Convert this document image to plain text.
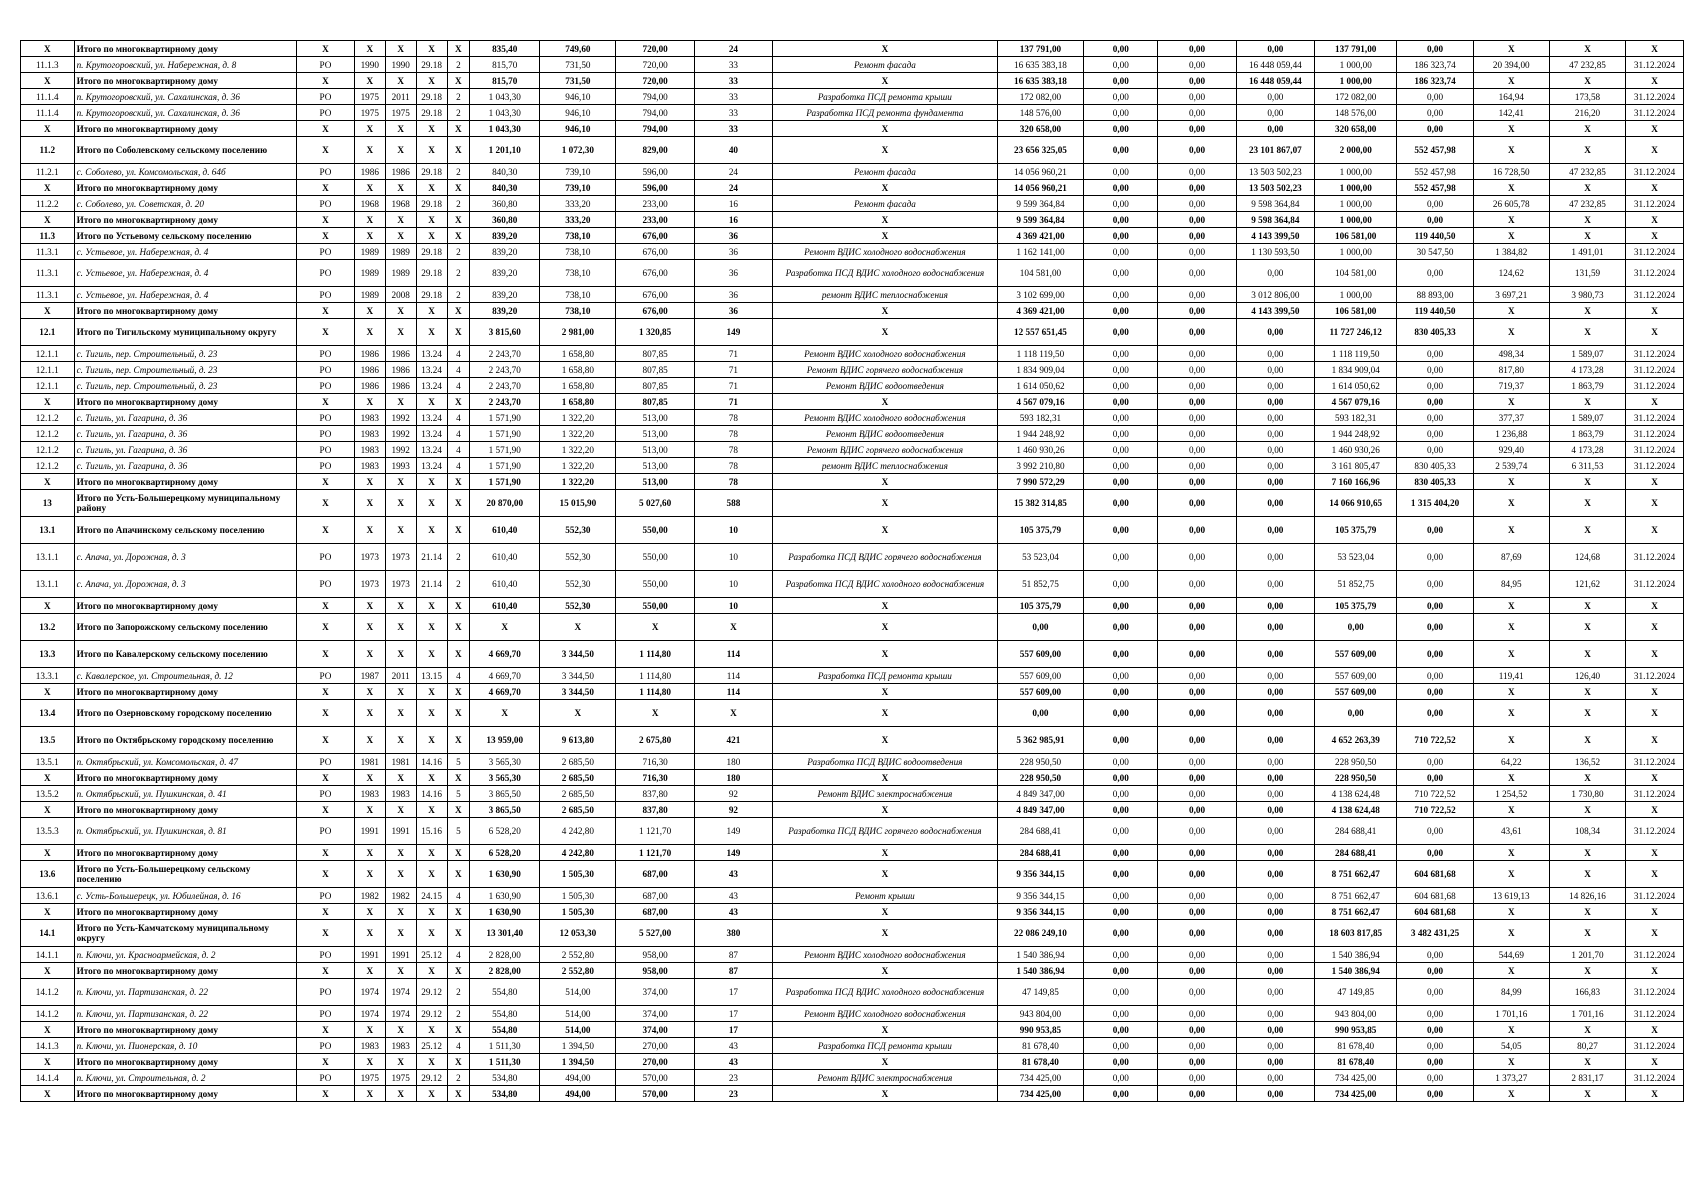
X	Итого по многоквартирному дому	X	X	X	X	X	835,40	749,60	720,00	24	X	137 791,00	0,00	0,00	0,00	137 791,00	0,00	X	X	X
11.1.3	п. Крутогоровский, ул. Набережная, д. 8	РО	1990	1990	29.18	2	815,70	731,50	720,00	33	Ремонт фасада	16 635 383,18	0,00	0,00	16 448 059,44	1 000,00	186 323,74	20 394,00	47 232,85	31.12.2024
X	Итого по многоквартирному дому	X	X	X	X	X	815,70	731,50	720,00	33	X	16 635 383,18	0,00	0,00	16 448 059,44	1 000,00	186 323,74	X	X	X
11.1.4	п. Крутогоровский, ул. Сахалинская, д. 36	РО	1975	2011	29.18	2	1 043,30	946,10	794,00	33	Разработка ПСД ремонта крыши	172 082,00	0,00	0,00	0,00	172 082,00	0,00	164,94	173,58	31.12.2024
11.1.4	п. Крутогоровский, ул. Сахалинская, д. 36	РО	1975	1975	29.18	2	1 043,30	946,10	794,00	33	Разработка ПСД ремонта фундамента	148 576,00	0,00	0,00	0,00	148 576,00	0,00	142,41	216,20	31.12.2024
X	Итого по многоквартирному дому	X	X	X	X	X	1 043,30	946,10	794,00	33	X	320 658,00	0,00	0,00	0,00	320 658,00	0,00	X	X	X
11.2	Итого по Соболевскому сельскому поселению	X	X	X	X	X	1 201,10	1 072,30	829,00	40	X	23 656 325,05	0,00	0,00	23 101 867,07	2 000,00	552 457,98	X	X	X
11.2.1	с. Соболево, ул. Комсомольская, д. 64б	РО	1986	1986	29.18	2	840,30	739,10	596,00	24	Ремонт фасада	14 056 960,21	0,00	0,00	13 503 502,23	1 000,00	552 457,98	16 728,50	47 232,85	31.12.2024
X	Итого по многоквартирному дому	X	X	X	X	X	840,30	739,10	596,00	24	X	14 056 960,21	0,00	0,00	13 503 502,23	1 000,00	552 457,98	X	X	X
11.2.2	с. Соболево, ул. Советская, д. 20	РО	1968	1968	29.18	2	360,80	333,20	233,00	16	Ремонт фасада	9 599 364,84	0,00	0,00	9 598 364,84	1 000,00	0,00	26 605,78	47 232,85	31.12.2024
X	Итого по многоквартирному дому	X	X	X	X	X	360,80	333,20	233,00	16	X	9 599 364,84	0,00	0,00	9 598 364,84	1 000,00	0,00	X	X	X
11.3	Итого по Устьевому сельскому поселению	X	X	X	X	X	839,20	738,10	676,00	36	X	4 369 421,00	0,00	0,00	4 143 399,50	106 581,00	119 440,50	X	X	X
11.3.1	с. Устьевое, ул. Набережная, д. 4	РО	1989	1989	29.18	2	839,20	738,10	676,00	36	Ремонт ВДИС холодного водоснабжения	1 162 141,00	0,00	0,00	1 130 593,50	1 000,00	30 547,50	1 384,82	1 491,01	31.12.2024
11.3.1	с. Устьевое, ул. Набережная, д. 4	РО	1989	1989	29.18	2	839,20	738,10	676,00	36	Разработка ПСД ВДИС холодного водоснабжения	104 581,00	0,00	0,00	0,00	104 581,00	0,00	124,62	131,59	31.12.2024
11.3.1	с. Устьевое, ул. Набережная, д. 4	РО	1989	2008	29.18	2	839,20	738,10	676,00	36	ремонт ВДИС теплоснабжения	3 102 699,00	0,00	0,00	3 012 806,00	1 000,00	88 893,00	3 697,21	3 980,73	31.12.2024
X	Итого по многоквартирному дому	X	X	X	X	X	839,20	738,10	676,00	36	X	4 369 421,00	0,00	0,00	4 143 399,50	106 581,00	119 440,50	X	X	X
12.1	Итого по Тигильскому муниципальному округу	X	X	X	X	X	3 815,60	2 981,00	1 320,85	149	X	12 557 651,45	0,00	0,00	0,00	11 727 246,12	830 405,33	X	X	X
12.1.1	с. Тигиль, пер. Строительный, д. 23	РО	1986	1986	13.24	4	2 243,70	1 658,80	807,85	71	Ремонт ВДИС холодного водоснабжения	1 118 119,50	0,00	0,00	0,00	1 118 119,50	0,00	498,34	1 589,07	31.12.2024
12.1.1	с. Тигиль, пер. Строительный, д. 23	РО	1986	1986	13.24	4	2 243,70	1 658,80	807,85	71	Ремонт ВДИС горячего водоснабжения	1 834 909,04	0,00	0,00	0,00	1 834 909,04	0,00	817,80	4 173,28	31.12.2024
12.1.1	с. Тигиль, пер. Строительный, д. 23	РО	1986	1986	13.24	4	2 243,70	1 658,80	807,85	71	Ремонт ВДИС водоотведения	1 614 050,62	0,00	0,00	0,00	1 614 050,62	0,00	719,37	1 863,79	31.12.2024
X	Итого по многоквартирному дому	X	X	X	X	X	2 243,70	1 658,80	807,85	71	X	4 567 079,16	0,00	0,00	0,00	4 567 079,16	0,00	X	X	X
12.1.2	с. Тигиль, ул. Гагарина, д. 36	РО	1983	1992	13.24	4	1 571,90	1 322,20	513,00	78	Ремонт ВДИС холодного водоснабжения	593 182,31	0,00	0,00	0,00	593 182,31	0,00	377,37	1 589,07	31.12.2024
12.1.2	с. Тигиль, ул. Гагарина, д. 36	РО	1983	1992	13.24	4	1 571,90	1 322,20	513,00	78	Ремонт ВДИС водоотведения	1 944 248,92	0,00	0,00	0,00	1 944 248,92	0,00	1 236,88	1 863,79	31.12.2024
12.1.2	с. Тигиль, ул. Гагарина, д. 36	РО	1983	1992	13.24	4	1 571,90	1 322,20	513,00	78	Ремонт ВДИС горячего водоснабжения	1 460 930,26	0,00	0,00	0,00	1 460 930,26	0,00	929,40	4 173,28	31.12.2024
12.1.2	с. Тигиль, ул. Гагарина, д. 36	РО	1983	1993	13.24	4	1 571,90	1 322,20	513,00	78	ремонт ВДИС теплоснабжения	3 992 210,80	0,00	0,00	0,00	3 161 805,47	830 405,33	2 539,74	6 311,53	31.12.2024
X	Итого по многоквартирному дому	X	X	X	X	X	1 571,90	1 322,20	513,00	78	X	7 990 572,29	0,00	0,00	0,00	7 160 166,96	830 405,33	X	X	X
13	Итого по Усть-Большерецкому муниципальному району	X	X	X	X	X	20 870,00	15 015,90	5 027,60	588	X	15 382 314,85	0,00	0,00	0,00	14 066 910,65	1 315 404,20	X	X	X
13.1	Итого по Апачинскому сельскому поселению	X	X	X	X	X	610,40	552,30	550,00	10	X	105 375,79	0,00	0,00	0,00	105 375,79	0,00	X	X	X
13.1.1	с. Апача, ул. Дорожная, д. 3	РО	1973	1973	21.14	2	610,40	552,30	550,00	10	Разработка ПСД ВДИС горячего водоснабжения	53 523,04	0,00	0,00	0,00	53 523,04	0,00	87,69	124,68	31.12.2024
13.1.1	с. Апача, ул. Дорожная, д. 3	РО	1973	1973	21.14	2	610,40	552,30	550,00	10	Разработка ПСД ВДИС холодного водоснабжения	51 852,75	0,00	0,00	0,00	51 852,75	0,00	84,95	121,62	31.12.2024
X	Итого по многоквартирному дому	X	X	X	X	X	610,40	552,30	550,00	10	X	105 375,79	0,00	0,00	0,00	105 375,79	0,00	X	X	X
13.2	Итого по Запорожскому сельскому поселению	X	X	X	X	X	X	X	X	X	X	0,00	0,00	0,00	0,00	0,00	0,00	X	X	X
13.3	Итого по Кавалерскому сельскому поселению	X	X	X	X	X	4 669,70	3 344,50	1 114,80	114	X	557 609,00	0,00	0,00	0,00	557 609,00	0,00	X	X	X
13.3.1	с. Кавалерское, ул. Строительная, д. 12	РО	1987	2011	13.15	4	4 669,70	3 344,50	1 114,80	114	Разработка ПСД ремонта крыши	557 609,00	0,00	0,00	0,00	557 609,00	0,00	119,41	126,40	31.12.2024
X	Итого по многоквартирному дому	X	X	X	X	X	4 669,70	3 344,50	1 114,80	114	X	557 609,00	0,00	0,00	0,00	557 609,00	0,00	X	X	X
13.4	Итого по Озерновскому городскому поселению	X	X	X	X	X	X	X	X	X	X	0,00	0,00	0,00	0,00	0,00	0,00	X	X	X
13.5	Итого по Октябрьскому городскому поселению	X	X	X	X	X	13 959,00	9 613,80	2 675,80	421	X	5 362 985,91	0,00	0,00	0,00	4 652 263,39	710 722,52	X	X	X
13.5.1	п. Октябрьский, ул. Комсомольская, д. 47	РО	1981	1981	14.16	5	3 565,30	2 685,50	716,30	180	Разработка ПСД ВДИС водоотведения	228 950,50	0,00	0,00	0,00	228 950,50	0,00	64,22	136,52	31.12.2024
X	Итого по многоквартирному дому	X	X	X	X	X	3 565,30	2 685,50	716,30	180	X	228 950,50	0,00	0,00	0,00	228 950,50	0,00	X	X	X
13.5.2	п. Октябрьский, ул. Пушкинская, д. 41	РО	1983	1983	14.16	5	3 865,50	2 685,50	837,80	92	Ремонт ВДИС электроснабжения	4 849 347,00	0,00	0,00	0,00	4 138 624,48	710 722,52	1 254,52	1 730,80	31.12.2024
X	Итого по многоквартирному дому	X	X	X	X	X	3 865,50	2 685,50	837,80	92	X	4 849 347,00	0,00	0,00	0,00	4 138 624,48	710 722,52	X	X	X
13.5.3	п. Октябрьский, ул. Пушкинская, д. 81	РО	1991	1991	15.16	5	6 528,20	4 242,80	1 121,70	149	Разработка ПСД ВДИС горячего водоснабжения	284 688,41	0,00	0,00	0,00	284 688,41	0,00	43,61	108,34	31.12.2024
X	Итого по многоквартирному дому	X	X	X	X	X	6 528,20	4 242,80	1 121,70	149	X	284 688,41	0,00	0,00	0,00	284 688,41	0,00	X	X	X
13.6	Итого по Усть-Большерецкому сельскому поселению	X	X	X	X	X	1 630,90	1 505,30	687,00	43	X	9 356 344,15	0,00	0,00	0,00	8 751 662,47	604 681,68	X	X	X
13.6.1	с. Усть-Большерецк, ул. Юбилейная, д. 16	РО	1982	1982	24.15	4	1 630,90	1 505,30	687,00	43	Ремонт крыши	9 356 344,15	0,00	0,00	0,00	8 751 662,47	604 681,68	13 619,13	14 826,16	31.12.2024
X	Итого по многоквартирному дому	X	X	X	X	X	1 630,90	1 505,30	687,00	43	X	9 356 344,15	0,00	0,00	0,00	8 751 662,47	604 681,68	X	X	X
14.1	Итого по Усть-Камчатскому муниципальному округу	X	X	X	X	X	13 301,40	12 053,30	5 527,00	380	X	22 086 249,10	0,00	0,00	0,00	18 603 817,85	3 482 431,25	X	X	X
14.1.1	п. Ключи, ул. Красноармейская, д. 2	РО	1991	1991	25.12	4	2 828,00	2 552,80	958,00	87	Ремонт ВДИС холодного водоснабжения	1 540 386,94	0,00	0,00	0,00	1 540 386,94	0,00	544,69	1 201,70	31.12.2024
X	Итого по многоквартирному дому	X	X	X	X	X	2 828,00	2 552,80	958,00	87	X	1 540 386,94	0,00	0,00	0,00	1 540 386,94	0,00	X	X	X
14.1.2	п. Ключи, ул. Партизанская, д. 22	РО	1974	1974	29.12	2	554,80	514,00	374,00	17	Разработка ПСД ВДИС холодного водоснабжения	47 149,85	0,00	0,00	0,00	47 149,85	0,00	84,99	166,83	31.12.2024
14.1.2	п. Ключи, ул. Партизанская, д. 22	РО	1974	1974	29.12	2	554,80	514,00	374,00	17	Ремонт ВДИС холодного водоснабжения	943 804,00	0,00	0,00	0,00	943 804,00	0,00	1 701,16	1 701,16	31.12.2024
X	Итого по многоквартирному дому	X	X	X	X	X	554,80	514,00	374,00	17	X	990 953,85	0,00	0,00	0,00	990 953,85	0,00	X	X	X
14.1.3	п. Ключи, ул. Пионерская, д. 10	РО	1983	1983	25.12	4	1 511,30	1 394,50	270,00	43	Разработка ПСД ремонта крыши	81 678,40	0,00	0,00	0,00	81 678,40	0,00	54,05	80,27	31.12.2024
X	Итого по многоквартирному дому	X	X	X	X	X	1 511,30	1 394,50	270,00	43	X	81 678,40	0,00	0,00	0,00	81 678,40	0,00	X	X	X
14.1.4	п. Ключи, ул. Строительная, д. 2	РО	1975	1975	29.12	2	534,80	494,00	570,00	23	Ремонт ВДИС электроснабжения	734 425,00	0,00	0,00	0,00	734 425,00	0,00	1 373,27	2 831,17	31.12.2024
X	Итого по многоквартирному дому	X	X	X	X	X	534,80	494,00	570,00	23	X	734 425,00	0,00	0,00	0,00	734 425,00	0,00	X	X	X
